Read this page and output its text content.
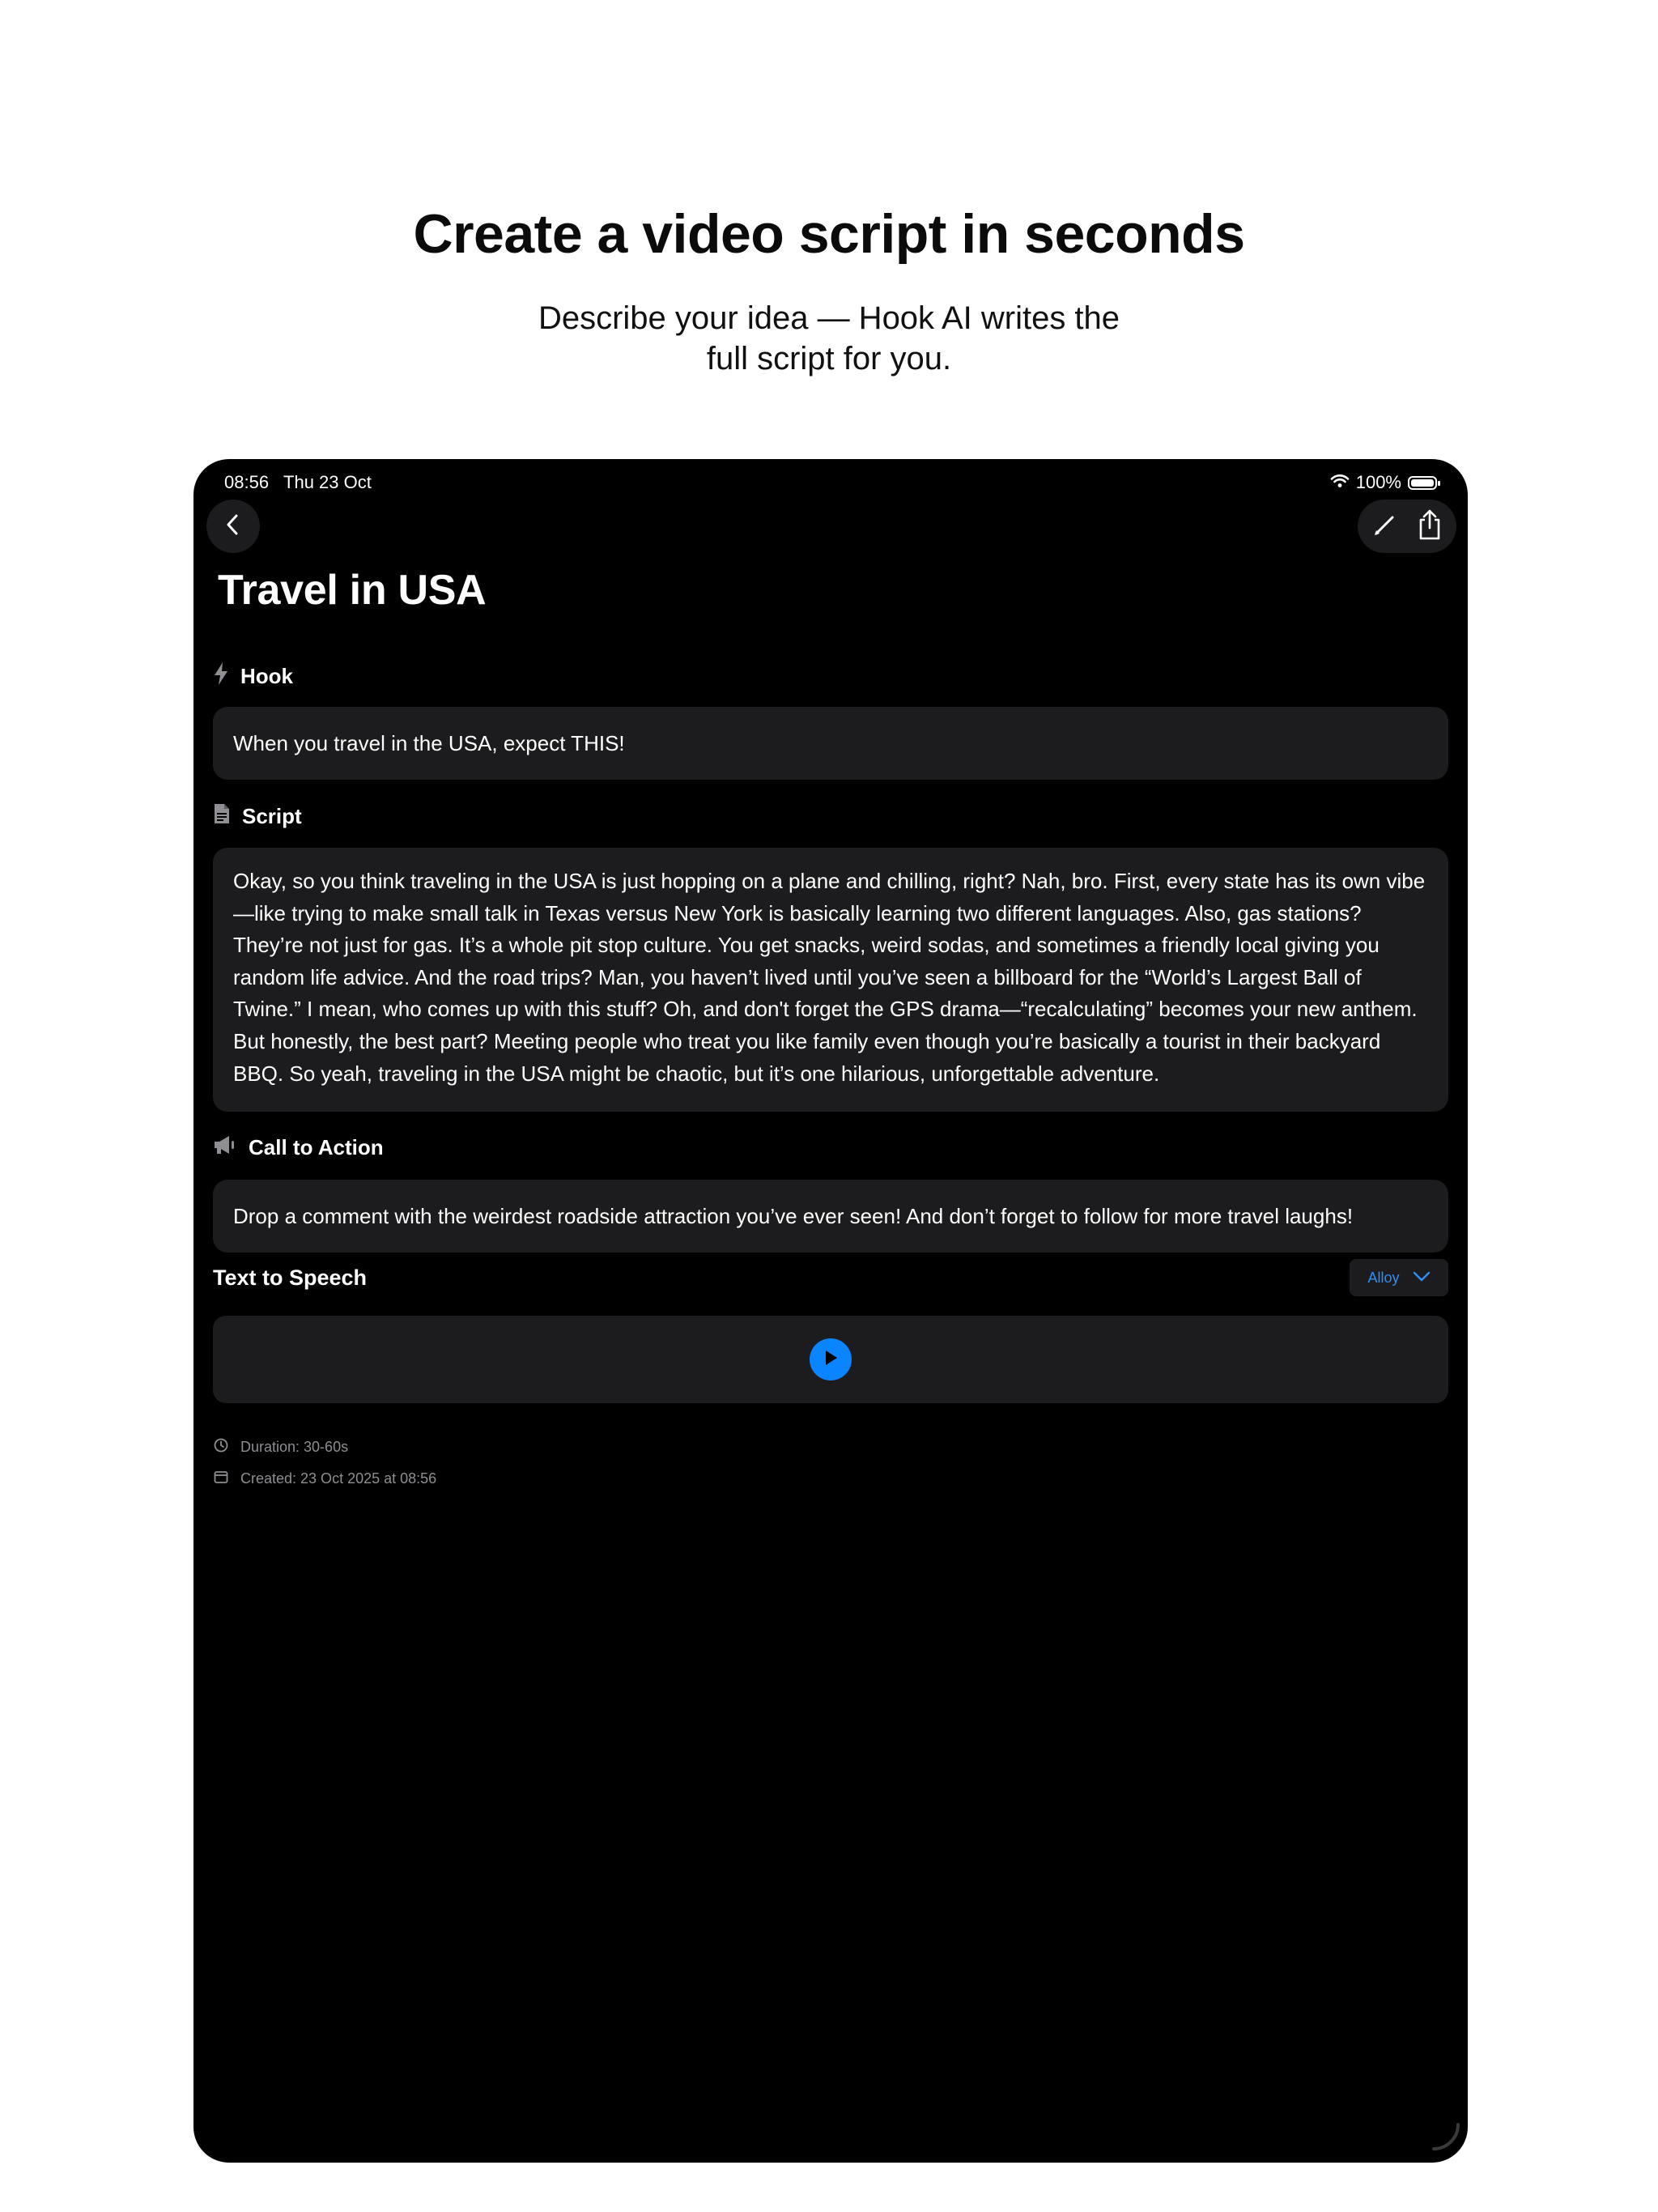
Create a video script in seconds
Describe your idea — Hook AI writes the
full script for you.
08:56 Thu 23 Oct	100%
Travel in USA
Hook
When you travel in the USA, expect THIS!
Script
Okay, so you think traveling in the USA is just hopping on a plane and chilling, right? Nah, bro. First, every state has its own vibe
—like trying to make small talk in Texas versus New York is basically learning two different languages. Also, gas stations?
They’re not just for gas. It’s a whole pit stop culture. You get snacks, weird sodas, and sometimes a friendly local giving you
random life advice. And the road trips? Man, you haven’t lived until you’ve seen a billboard for the “World’s Largest Ball of
Twine.” I mean, who comes up with this stuff? Oh, and don't forget the GPS drama—“recalculating” becomes your new anthem.
But honestly, the best part? Meeting people who treat you like family even though you’re basically a tourist in their backyard
BBQ. So yeah, traveling in the USA might be chaotic, but it’s one hilarious, unforgettable adventure.
Call to Action
Drop a comment with the weirdest roadside attraction you’ve ever seen! And don’t forget to follow for more travel laughs!
Text to Speech	Alloy
Duration: 30-60s
Created: 23 Oct 2025 at 08:56
